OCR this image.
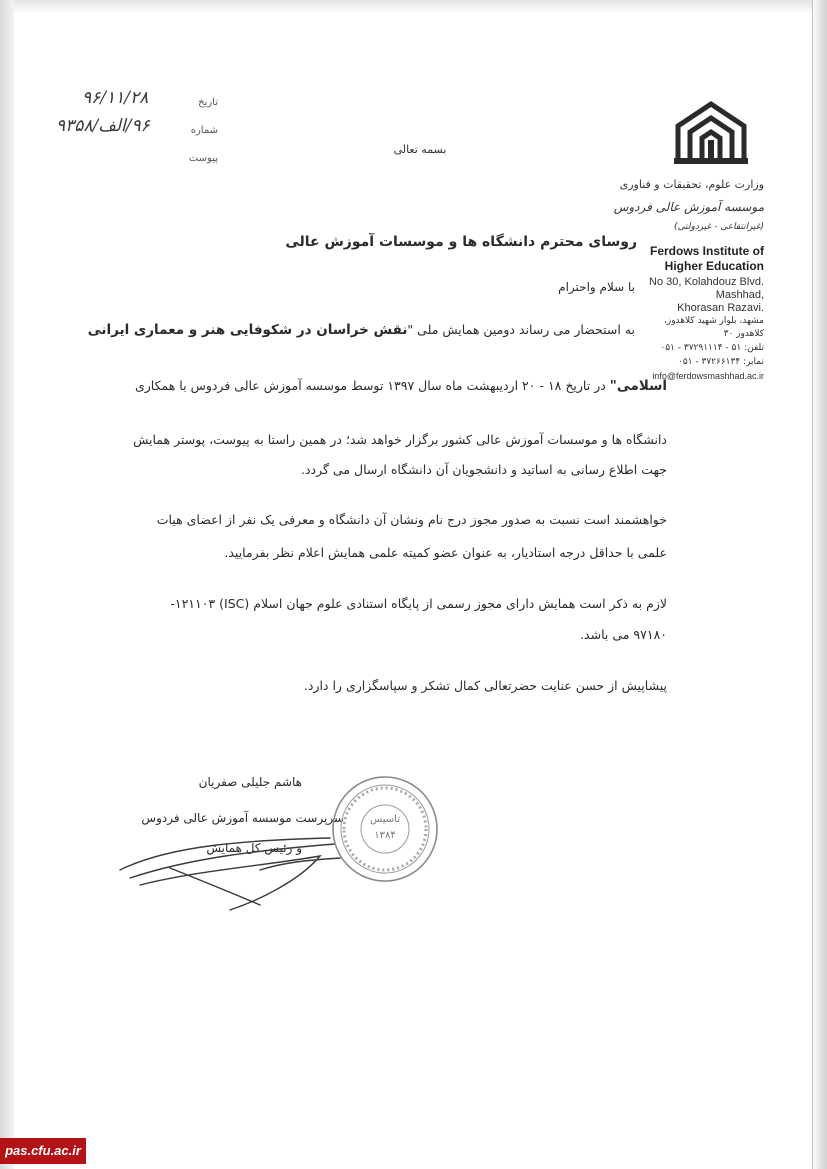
تاریخ
۹۶/۱۱/۲۸
شماره
۹۶/الف/۹۳۵۸
پیوست
بسمه تعالی
وزارت علوم، تحقیقات و فناوری
موسسه آموزش عالی فردوس
(غیرانتفاعی - غیردولتی)
Ferdows Institute of
Higher Education
No 30, Kolahdouz Blvd.
Mashhad,
Khorasan Razavi.
مشهد، بلوار شهید کلاهدوز،
کلاهدوز ۳۰
تلفن: ۵۱ - ۳۷۲۹۱۱۱۴ - ۰۵۱
نمابر: ۳۷۲۶۶۱۳۴ - ۰۵۱
info@ferdowsmashhad.ac.ir
روسای محترم دانشگاه ها و موسسات آموزش عالی
با سلام واحترام
به استحضار می رساند دومین همایش ملی "نقش خراسان در شکوفایی هنر و معماری ایرانی
اسلامی" در تاریخ ۱۸ - ۲۰ اردیبهشت ماه سال ۱۳۹۷ توسط موسسه آموزش عالی فردوس با همکاری
دانشگاه ها و موسسات آموزش عالی کشور برگزار خواهد شد؛ در همین راستا به پیوست، پوستر همایش
جهت اطلاع رسانی به اساتید و دانشجویان آن دانشگاه ارسال می گردد.
خواهشمند است نسبت به صدور مجوز درج نام ونشان آن دانشگاه و معرفی یک نفر از اعضای هیات
علمی با حداقل درجه استادیار، به عنوان عضو کمیته علمی همایش اعلام نظر بفرمایید.
لازم به ذکر است همایش دارای مجوز رسمی از پایگاه استنادی علوم جهان اسلام (ISC) ۱۲۱۱۰۳-
۹۷۱۸۰ می باشد.
پیشاپیش از حسن عنایت حضرتعالی کمال تشکر و سپاسگزاری را دارد.
هاشم جلیلی صفریان
سرپرست موسسه آموزش عالی فردوس
و رئیس کل همایش
تاسیس
۱۳۸۴
pas.cfu.ac.ir
